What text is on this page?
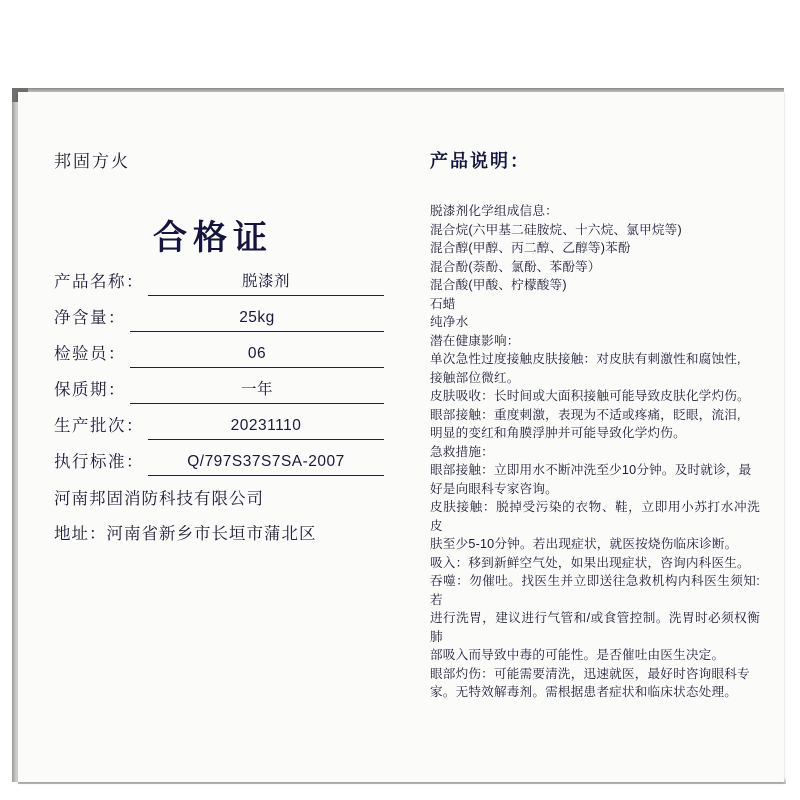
邦固方火
合格证
产品名称：	脱漆剂
净含量：	25kg
检验员：	06
保质期：	一年
生产批次：	20231110
执行标准：	Q/797S37S7SA-2007
河南邦固消防科技有限公司
地址：河南省新乡市长垣市蒲北区
产品说明：
脱漆剂化学组成信息：
混合烷(六甲基二硅胺烷、十六烷、氯甲烷等)
混合醇(甲醇、丙二醇、乙醇等)苯酚
混合酚(萘酚、氯酚、苯酚等）
混合酸(甲酸、柠檬酸等)
石蜡
纯净水
潜在健康影响：
单次急性过度接触皮肤接触：对皮肤有刺激性和腐蚀性,
接触部位微红。
皮肤吸收：长时间或大面积接触可能导致皮肤化学灼伤。
眼部接触：重度刺激，表现为不适或疼痛，眨眼，流泪,
明显的变红和角膜浮肿并可能导致化学灼伤。
急救措施：
眼部接触：立即用水不断冲洗至少10分钟。及时就诊，最
好是向眼科专家咨询。
皮肤接触：脱掉受污染的衣物、鞋，立即用小苏打水冲洗皮
肤至少5-10分钟。若出现症状，就医按烧伤临床诊断。
吸入：移到新鲜空气处，如果出现症状，咨询内科医生。
吞噬：勿催吐。找医生并立即送往急救机构内科医生须知:若
进行洗胃，建议进行气管和/或食管控制。洗胃时必须权衡肺
部吸入而导致中毒的可能性。是否催吐由医生决定。
眼部灼伤：可能需要清洗，迅速就医，最好时咨询眼科专
家。无特效解毒剂。需根据患者症状和临床状态处理。
